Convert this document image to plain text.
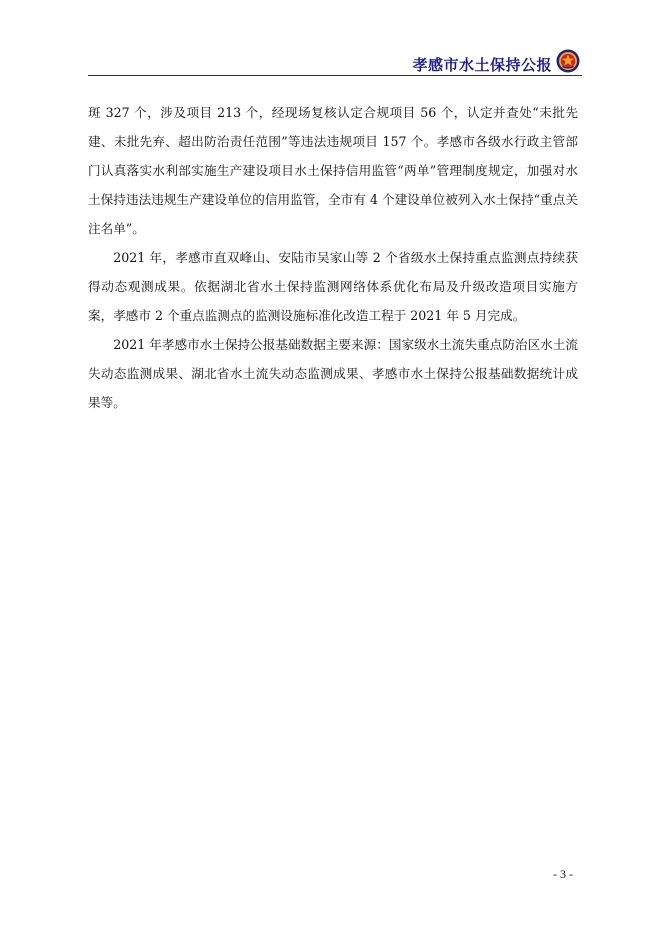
孝感市水土保持公报

斑 327 个，涉及项目 213 个，经现场复核认定合规项目 56 个，认定并查处“未批先建、未批先弃、超出防治责任范围”等违法违规项目 157 个。孝感市各级水行政主管部门认真落实水利部实施生产建设项目水土保持信用监管“两单”管理制度规定，加强对水土保持违法违规生产建设单位的信用监管，全市有 4 个建设单位被列入水土保持“重点关注名单”。

2021 年，孝感市直双峰山、安陆市吴家山等 2 个省级水土保持重点监测点持续获得动态观测成果。依据湖北省水土保持监测网络体系优化布局及升级改造项目实施方案，孝感市 2 个重点监测点的监测设施标准化改造工程于 2021 年 5 月完成。

2021 年孝感市水土保持公报基础数据主要来源：国家级水土流失重点防治区水土流失动态监测成果、湖北省水土流失动态监测成果、孝感市水土保持公报基础数据统计成果等。

- 3 -
